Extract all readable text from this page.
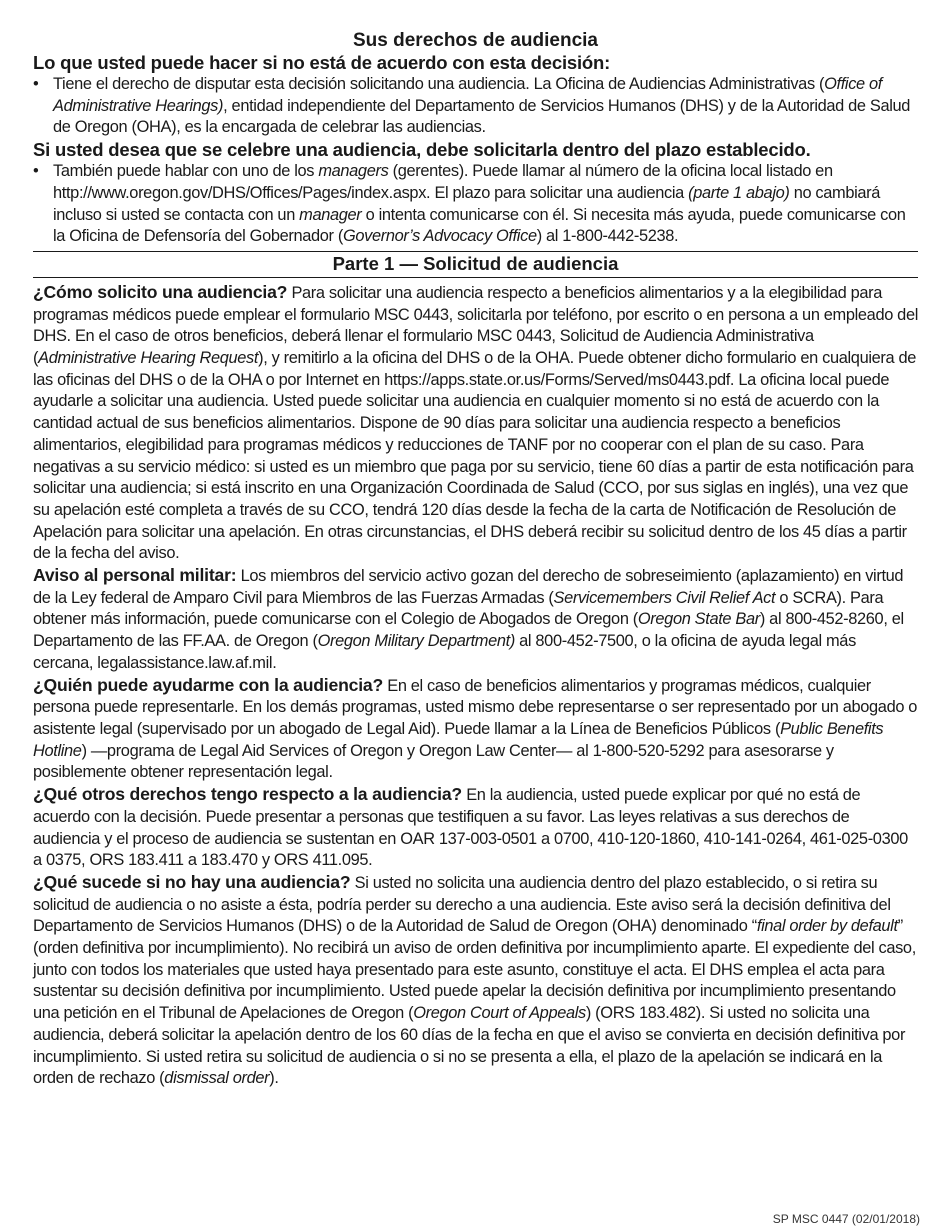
Sus derechos de audiencia

Lo que usted puede hacer si no está de acuerdo con esta decisión:

• Tiene el derecho de disputar esta decisión solicitando una audiencia. La Oficina de Audiencias Administrativas (Office of Administrative Hearings), entidad independiente del Departamento de Servicios Humanos (DHS) y de la Autoridad de Salud de Oregon (OHA), es la encargada de celebrar las audiencias.

Si usted desea que se celebre una audiencia, debe solicitarla dentro del plazo establecido.

• También puede hablar con uno de los managers (gerentes). Puede llamar al número de la oficina local listado en http://www.oregon.gov/DHS/Offices/Pages/index.aspx. El plazo para solicitar una audiencia (parte 1 abajo) no cambiará incluso si usted se contacta con un manager o intenta comunicarse con él. Si necesita más ayuda, puede comunicarse con la Oficina de Defensoría del Gobernador (Governor’s Advocacy Office) al 1-800-442-5238.
Parte 1 — Solicitud de audiencia

¿Cómo solicito una audiencia? Para solicitar una audiencia respecto a beneficios alimentarios y a la elegibilidad para programas médicos puede emplear el formulario MSC 0443, solicitarla por teléfono, por escrito o en persona a un empleado del DHS. En el caso de otros beneficios, deberá llenar el formulario MSC 0443, Solicitud de Audiencia Administrativa (Administrative Hearing Request), y remitirlo a la oficina del DHS o de la OHA. Puede obtener dicho formulario en cualquiera de las oficinas del DHS o de la OHA o por Internet en https://apps.state.or.us/Forms/Served/ms0443.pdf. La oficina local puede ayudarle a solicitar una audiencia. Usted puede solicitar una audiencia en cualquier momento si no está de acuerdo con la cantidad actual de sus beneficios alimentarios. Dispone de 90 días para solicitar una audiencia respecto a beneficios alimentarios, elegibilidad para programas médicos y reducciones de TANF por no cooperar con el plan de su caso. Para negativas a su servicio médico: si usted es un miembro que paga por su servicio, tiene 60 días a partir de esta notificación para solicitar una audiencia; si está inscrito en una Organización Coordinada de Salud (CCO, por sus siglas en inglés), una vez que su apelación esté completa a través de su CCO, tendrá 120 días desde la fecha de la carta de Notificación de Resolución de Apelación para solicitar una apelación. En otras circunstancias, el DHS deberá recibir su solicitud dentro de los 45 días a partir de la fecha del aviso.

Aviso al personal militar: Los miembros del servicio activo gozan del derecho de sobreseimiento (aplazamiento) en virtud de la Ley federal de Amparo Civil para Miembros de las Fuerzas Armadas (Servicemembers Civil Relief Act o SCRA). Para obtener más información, puede comunicarse con el Colegio de Abogados de Oregon (Oregon State Bar) al 800-452-8260, el Departamento de las FF.AA. de Oregon (Oregon Military Department) al 800-452-7500, o la oficina de ayuda legal más cercana, legalassistance.law.af.mil.

¿Quién puede ayudarme con la audiencia? En el caso de beneficios alimentarios y programas médicos, cualquier persona puede representarle. En los demás programas, usted mismo debe representarse o ser representado por un abogado o asistente legal (supervisado por un abogado de Legal Aid). Puede llamar a la Línea de Beneficios Públicos (Public Benefits Hotline) —programa de Legal Aid Services of Oregon y Oregon Law Center— al 1-800-520-5292 para asesorarse y posiblemente obtener representación legal.

¿Qué otros derechos tengo respecto a la audiencia? En la audiencia, usted puede explicar por qué no está de acuerdo con la decisión. Puede presentar a personas que testifiquen a su favor. Las leyes relativas a sus derechos de audiencia y el proceso de audiencia se sustentan en OAR 137-003-0501 a 0700, 410-120-1860, 410-141-0264, 461-025-0300 a 0375, ORS 183.411 a 183.470 y ORS 411.095.

¿Qué sucede si no hay una audiencia? Si usted no solicita una audiencia dentro del plazo establecido, o si retira su solicitud de audiencia o no asiste a ésta, podría perder su derecho a una audiencia. Este aviso será la decisión definitiva del Departamento de Servicios Humanos (DHS) o de la Autoridad de Salud de Oregon (OHA) denominado “final order by default” (orden definitiva por incumplimiento). No recibirá un aviso de orden definitiva por incumplimiento aparte. El expediente del caso, junto con todos los materiales que usted haya presentado para este asunto, constituye el acta. El DHS emplea el acta para sustentar su decisión definitiva por incumplimiento. Usted puede apelar la decisión definitiva por incumplimiento presentando una petición en el Tribunal de Apelaciones de Oregon (Oregon Court of Appeals) (ORS 183.482). Si usted no solicita una audiencia, deberá solicitar la apelación dentro de los 60 días de la fecha en que el aviso se convierta en decisión definitiva por incumplimiento. Si usted retira su solicitud de audiencia o si no se presenta a ella, el plazo de la apelación se indicará en la orden de rechazo (dismissal order).

SP MSC 0447 (02/01/2018)
